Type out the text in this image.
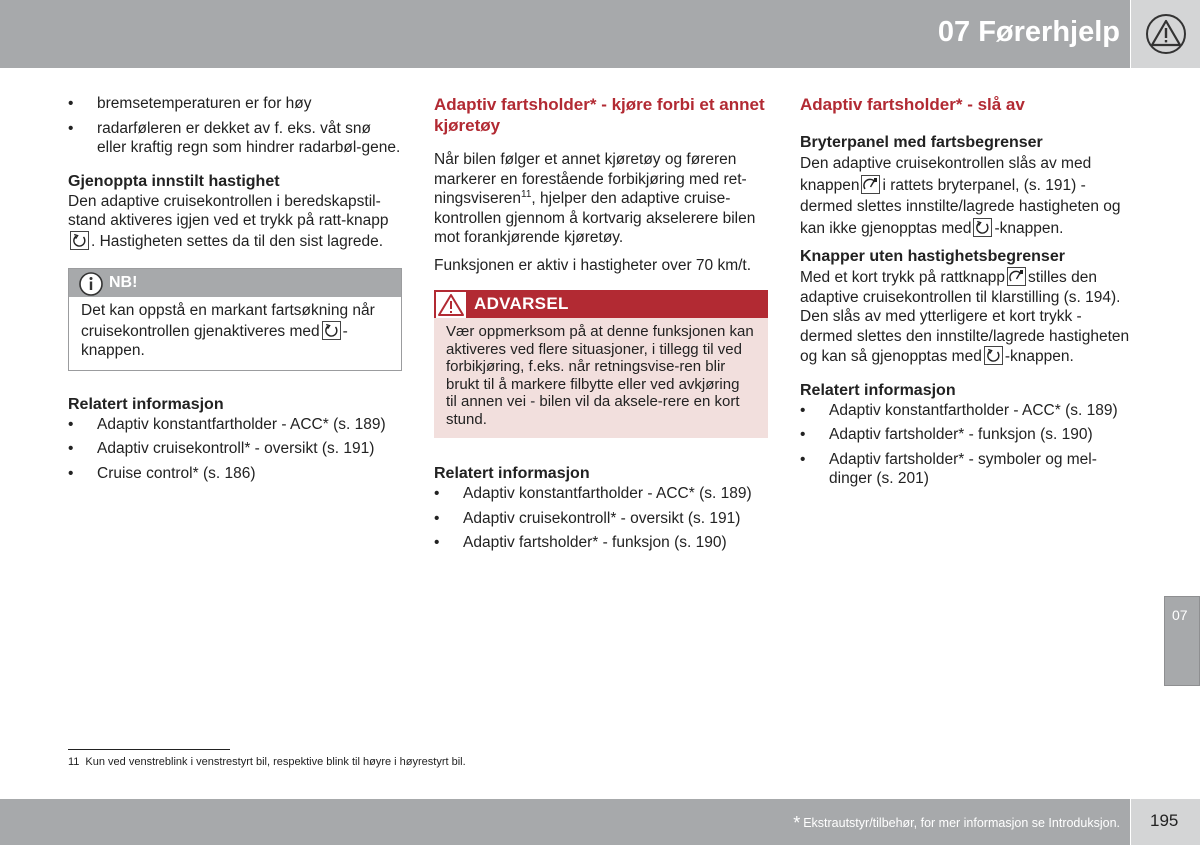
07 Førerhjelp
• bremsetemperaturen er for høy
• radarføleren er dekket av f. eks. våt snø eller kraftig regn som hindrer radarbøl-gene.
Gjenoppta innstilt hastighet

Den adaptive cruisekontrollen i beredskapstil-stand aktiveres igjen ved et trykk på ratt-knapp
. Hastigheten settes da til den sist lagrede.

NB!
Det kan oppstå en markant fartsøkning når cruisekontrollen gjenaktiveres med -knappen.
Relatert informasjon
• Adaptiv konstantfartholder - ACC* (s. 189)
• Adaptiv cruisekontroll* - oversikt (s. 191)
• Cruise control* (s. 186)
Adaptiv fartsholder* - kjøre forbi et annet kjøretøy

Når bilen følger et annet kjøretøy og føreren markerer en forestående forbikjøring med ret-ningsviseren$^{11}$, hjelper den adaptive cruise-kontrollen gjennom å kortvarig akselerere bilen mot forankjørende kjøretøy.

Funksjonen er aktiv i hastigheter over 70 km/t.

ADVARSEL
Vær oppmerksom på at denne funksjonen kan aktiveres ved flere situasjoner, i tillegg til ved forbikjøring, f.eks. når retningsvise-ren blir brukt til å markere filbytte eller ved avkjøring til annen vei - bilen vil da aksele-rere en kort stund.
Relatert informasjon
• Adaptiv konstantfartholder - ACC* (s. 189)
• Adaptiv cruisekontroll* - oversikt (s. 191)
• Adaptiv fartsholder* - funksjon (s. 190)
Adaptiv fartsholder* - slå av
Bryterpanel med fartsbegrenser

Den adaptive cruisekontrollen slås av med knappen i rattets bryterpanel, (s. 191) - dermed slettes innstilte/lagrede hastigheten og kan ikke gjenopptas med -knappen.

Knapper uten hastighetsbegrenser

Med et kort trykk på rattknapp stilles den adaptive cruisekontrollen til klarstilling (s. 194). Den slås av med ytterligere et kort trykk - dermed slettes den innstilte/lagrede hastigheten og kan så gjenopptas med -knappen.

Relatert informasjon
• Adaptiv konstantfartholder - ACC* (s. 189)
• Adaptiv fartsholder* - funksjon (s. 190)
• Adaptiv fartsholder* - symboler og mel-dinger (s. 201)
07
11 Kun ved venstreblink i venstrestyrt bil, respektive blink til høyre i høyrestyrt bil.
* Ekstrautstyr/tilbehør, for mer informasjon se Introduksjon. 195
